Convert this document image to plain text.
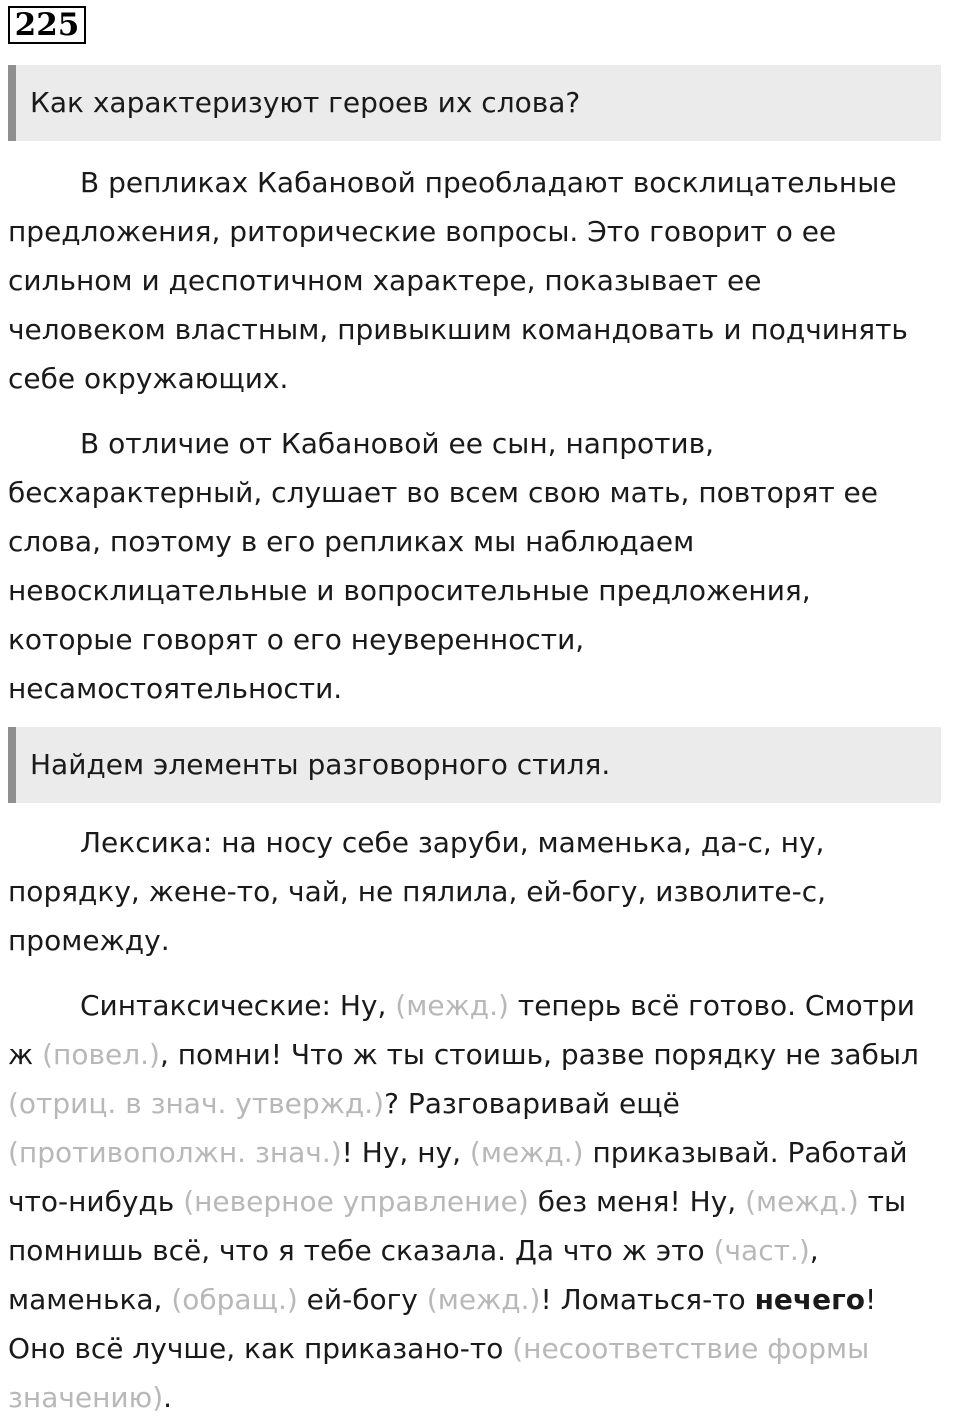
225
Как характеризуют героев их слова?
В репликах Кабановой преобладают восклицательные
предложения, риторические вопросы. Это говорит о ее
сильном и деспотичном характере, показывает ее
человеком властным, привыкшим командовать и подчинять
себе окружающих.
В отличие от Кабановой ее сын, напротив,
бесхарактерный, слушает во всем свою мать, повторят ее
слова, поэтому в его репликах мы наблюдаем
невосклицательные и вопросительные предложения,
которые говорят о его неуверенности,
несамостоятельности.
Найдем элементы разговорного стиля.
Лексика: на носу себе заруби, маменька, да-с, ну,
порядку, жене-то, чай, не пялила, ей-богу, изволите-с,
промежду.
Синтаксические: Ну, (межд.) теперь всё готово. Смотри
ж (повел.), помни! Что ж ты стоишь, разве порядку не забыл
(отриц. в знач. утвержд.)? Разговаривай ещё
(противополжн. знач.)! Ну, ну, (межд.) приказывай. Работай
что-нибудь (неверное управление) без меня! Ну, (межд.) ты
помнишь всё, что я тебе сказала. Да что ж это (част.),
маменька, (обращ.) ей-богу (межд.)! Ломаться-то нечего!
Оно всё лучше, как приказано-то (несоответствие формы
значению).
